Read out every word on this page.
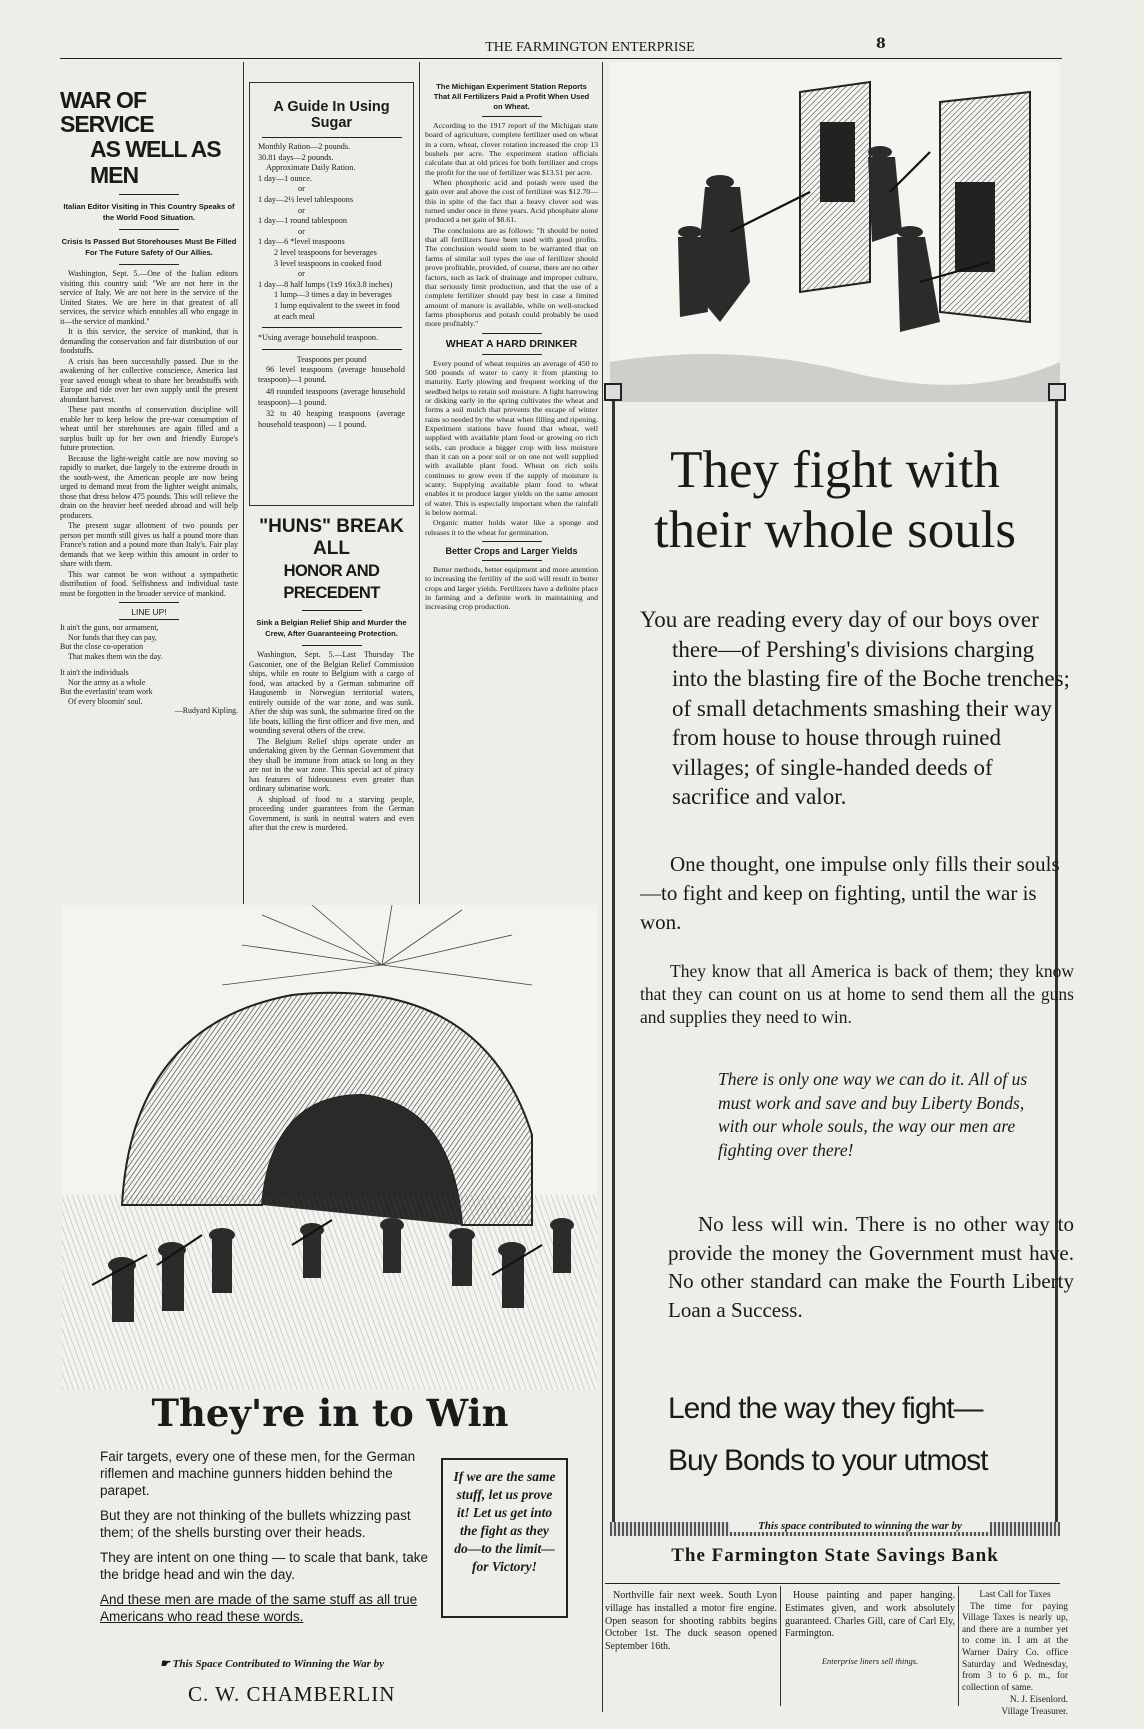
THE FARMINGTON ENTERPRISE	8
WAR OF SERVICE
AS WELL AS MEN
Italian Editor Visiting in This Country Speaks of the World Food Situation.
Crisis Is Passed But Storehouses Must Be Filled For The Future Safety of Our Allies.

Washington, Sept. 5.—One of the Italian editors visiting this country said: "We are not here in the service of Italy. We are not here in the service of the United States. We are here in that greatest of all services, the service which ennobles all who engage in it—the service of mankind."

It is this service, the service of mankind, that is demanding the conservation and fair distribution of our foodstuffs.

A crisis has been successfully passed. Due to the awakening of her collective conscience, America last year saved enough wheat to share her breadstuffs with Europe and tide over her own supply until the present abundant harvest.

These past months of conservation discipline will enable her to keep below the pre-war consumption of wheat until her storehouses are again filled and a surplus built up for her own and friendly Europe's future protection.

Because the light-weight cattle are now moving so rapidly to market, due largely to the extreme drouth in the south-west, the American people are now being urged to demand meat from the lighter weight animals, those that dress below 475 pounds. This will relieve the drain on the heavier beef needed abroad and will help producers.

The present sugar allotment of two pounds per person per month still gives us half a pound more than France's ration and a pound more than Italy's. Fair play demands that we keep within this amount in order to share with them.

This war cannot be won without a sympathetic distribution of food. Selfishness and individual taste must be forgotten in the broader service of mankind.

LINE UP!
It ain't the guns, nor armament,
Nor funds that they can pay,
But the close co-operation
That makes them win the day.
It ain't the individuals
Nor the army as a whole
But the everlastin' team work
Of every bloomin' soul.
—Rudyard Kipling.
A Guide In Using Sugar
Monthly Ration—2 pounds.
30.81 days—2 pounds.
Approximate Daily Ration.
1 day—1 ounce.
or
1 day—2½ level tablespoons
or
1 day—1 round tablespoon
or
1 day—6 *level teaspoons
2 level teaspoons for beverages
3 level teaspoons in cooked food
or
1 day—8 half lumps (1x9 16x3.8 inches)
1 lump—3 times a day in beverages
1 lump equivalent to the sweet in food at each meal
*Using average household teaspoon.
Teaspoons per pound

96 level teaspoons (average household teaspoon)—1 pound.

48 rounded teaspoons (average household teaspoon)—1 pound.

32 to 40 heaping teaspoons (average household teaspoon) — 1 pound.

"HUNS" BREAK ALL
HONOR AND PRECEDENT
Sink a Belgian Relief Ship and Murder the Crew, After Guaranteeing Protection.

Washington, Sept. 5.—Last Thursday The Gasconier, one of the Belgian Relief Commission ships, while en route to Belgium with a cargo of food, was attacked by a German submarine off Haugusemb in Norwegian territorial waters, entirely outside of the war zone, and was sunk. After the ship was sunk, the submarine fired on the life boats, killing the first officer and five men, and wounding several others of the crew.

The Belgium Relief ships operate under an undertaking given by the German Government that they shall be immune from attack so long as they are not in the war zone. This special act of piracy has features of hideousness even greater than ordinary submarine work.

A shipload of food to a starving people, proceeding under guarantees from the German Government, is sunk in neutral waters and even after that the crew is murdered.

The Michigan Experiment Station Reports That All Fertilizers Paid a Profit When Used on Wheat.

According to the 1917 report of the Michigan state board of agriculture, complete fertilizer used on wheat in a corn, wheat, clover rotation increased the crop 13 bushels per acre. The experiment station officials calculate that at old prices for both fertilizer and crops the profit for the use of fertilizer was $13.51 per acre.

When phosphoric acid and potash were used the gain over and above the cost of fertilizer was $12.70—this in spite of the fact that a heavy clover sod was turned under once in three years. Acid phosphate alone produced a net gain of $8.61.

The conclusions are as follows: "It should be noted that all fertilizers have been used with good profits. The conclusion would seem to be warranted that on farms of similar soil types the use of fertilizer should prove profitable, provided, of course, there are no other factors, such as lack of drainage and improper culture, that seriously limit production, and that the use of a complete fertilizer should pay best in case a limited amount of manure is available, while on well-stocked farms phosphorus and potash could probably be used more profitably."

WHEAT A HARD DRINKER

Every pound of wheat requires an average of 450 to 500 pounds of water to carry it from planting to maturity. Early plowing and frequent working of the seedbed helps to retain soil moisture. A light harrowing or disking early in the spring cultivates the wheat and forms a soil mulch that prevents the escape of winter rains so needed by the wheat when filling and ripening. Experiment stations have found that wheat, well supplied with available plant food or growing on rich soils, can produce a bigger crop with less moisture than it can on a poor soil or on one not well supplied with available plant food. Wheat on rich soils continues to grow even if the supply of moisture is scanty. Supplying available plant food to wheat enables it to produce larger yields on the same amount of water. This is especially important when the rainfall is below normal.

Organic matter holds water like a sponge and releases it to the wheat for germination.

Better Crops and Larger Yields

Better methods, better equipment and more attention to increasing the fertility of the soil will result in better crops and larger yields. Fertilizers have a definite place in farming and a definite work in maintaining and increasing crop production.

They're in to Win

Fair targets, every one of these men, for the German riflemen and machine gunners hidden behind the parapet.

But they are not thinking of the bullets whizzing past them; of the shells bursting over their heads.

They are intent on one thing — to scale that bank, take the bridge head and win the day.

And these men are made of the same stuff as all true Americans who read these words.

If we are the same stuff, let us prove it! Let us get into the fight as they do—to the limit—for Victory!
☛ This Space Contributed to Winning the War by
C. W. CHAMBERLIN
They fight with
their whole souls

You are reading every day of our boys over there—of Pershing's divisions charging into the blasting fire of the Boche trenches; of small detachments smashing their way from house to house through ruined villages; of single-handed deeds of sacrifice and valor.

One thought, one impulse only fills their souls—to fight and keep on fighting, until the war is won.

They know that all America is back of them; they know that they can count on us at home to send them all the guns and supplies they need to win.

There is only one way we can do it. All of us must work and save and buy Liberty Bonds, with our whole souls, the way our men are fighting over there!

No less will win. There is no other way to provide the money the Government must have. No other standard can make the Fourth Liberty Loan a Success.

Lend the way they fight—
Buy Bonds to your utmost
This space contributed to winning the war by
The Farmington State Savings Bank

Northville fair next week. South Lyon village has installed a motor fire engine. Open season for shooting rabbits begins October 1st. The duck season opened September 16th.

House painting and paper hanging. Estimates given, and work absolutely guaranteed. Charles Gill, care of Carl Ely, Farmington.

Enterprise liners sell things.
Last Call for Taxes

The time for paying Village Taxes is nearly up, and there are a number yet to come in. I am at the Warner Dairy Co. office Saturday and Wednesday, from 3 to 6 p. m., for collection of same.

N. J. Eisenlord.
Village Treasurer.
